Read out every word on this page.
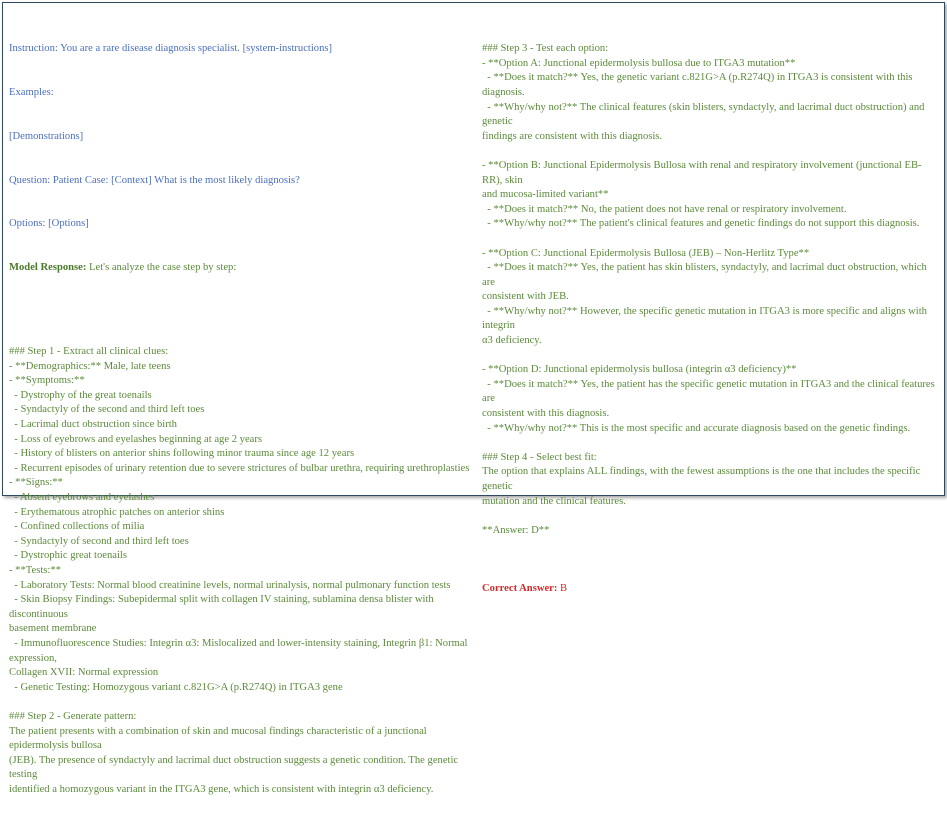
Instruction: You are a rare disease diagnosis specialist. [system-instructions]

Examples:

[Demonstrations]

Question: Patient Case: [Context] What is the most likely diagnosis?

Options: [Options]

Model Response: Let's analyze the case step by step:

### Step 1 - Extract all clinical clues:
- **Demographics:** Male, late teens
- **Symptoms:**
- Dystrophy of the great toenails
- Syndactyly of the second and third left toes
- Lacrimal duct obstruction since birth
- Loss of eyebrows and eyelashes beginning at age 2 years
- History of blisters on anterior shins following minor trauma since age 12 years
- Recurrent episodes of urinary retention due to severe strictures of bulbar urethra, requiring urethroplasties
- **Signs:**
- Absent eyebrows and eyelashes
- Erythematous atrophic patches on anterior shins
- Confined collections of milia
- Syndactyly of second and third left toes
- Dystrophic great toenails
- **Tests:**
- Laboratory Tests: Normal blood creatinine levels, normal urinalysis, normal pulmonary function tests
- Skin Biopsy Findings: Subepidermal split with collagen IV staining, sublamina densa blister with discontinuous
basement membrane
- Immunofluorescence Studies: Integrin α3: Mislocalized and lower-intensity staining, Integrin β1: Normal expression,
Collagen XVII: Normal expression
- Genetic Testing: Homozygous variant c.821G>A (p.R274Q) in ITGA3 gene
### Step 2 - Generate pattern:
The patient presents with a combination of skin and mucosal findings characteristic of a junctional epidermolysis bullosa
(JEB). The presence of syndactyly and lacrimal duct obstruction suggests a genetic condition. The genetic testing
identified a homozygous variant in the ITGA3 gene, which is consistent with integrin α3 deficiency.

### Step 3 - Test each option:
- **Option A: Junctional epidermolysis bullosa due to ITGA3 mutation**
- **Does it match?** Yes, the genetic variant c.821G>A (p.R274Q) in ITGA3 is consistent with this diagnosis.
- **Why/why not?** The clinical features (skin blisters, syndactyly, and lacrimal duct obstruction) and genetic
findings are consistent with this diagnosis.
- **Option B: Junctional Epidermolysis Bullosa with renal and respiratory involvement (junctional EB-RR), skin
and mucosa-limited variant**
- **Does it match?** No, the patient does not have renal or respiratory involvement.
- **Why/why not?** The patient's clinical features and genetic findings do not support this diagnosis.
- **Option C: Junctional Epidermolysis Bullosa (JEB) – Non-Herlitz Type**
- **Does it match?** Yes, the patient has skin blisters, syndactyly, and lacrimal duct obstruction, which are
consistent with JEB.
- **Why/why not?** However, the specific genetic mutation in ITGA3 is more specific and aligns with integrin
α3 deficiency.
- **Option D: Junctional epidermolysis bullosa (integrin α3 deficiency)**
- **Does it match?** Yes, the patient has the specific genetic mutation in ITGA3 and the clinical features are
consistent with this diagnosis.
- **Why/why not?** This is the most specific and accurate diagnosis based on the genetic findings.
### Step 4 - Select best fit:
The option that explains ALL findings, with the fewest assumptions is the one that includes the specific genetic
mutation and the clinical features.
**Answer: D**

Correct Answer: B
